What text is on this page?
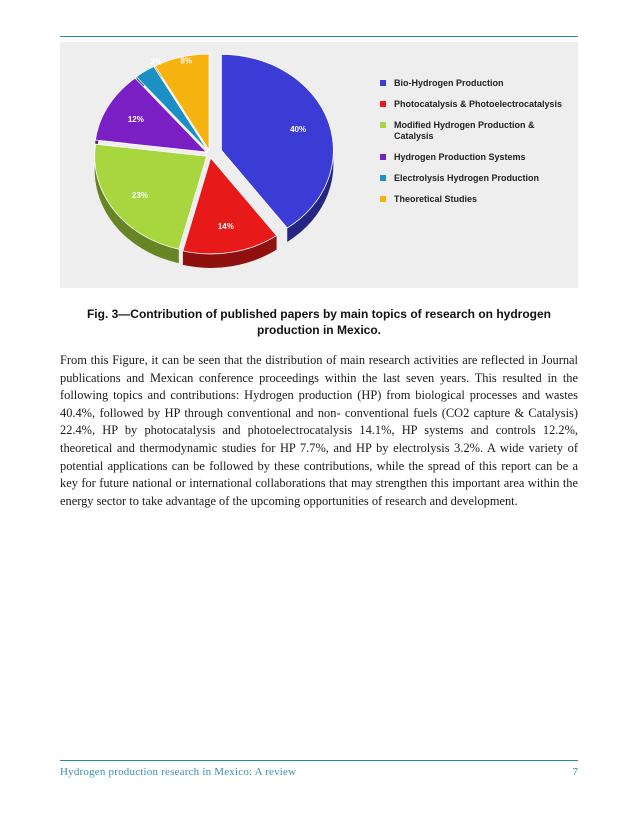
40%
14%
23%
12%
3% 8%
Bio-Hydrogen Production
Photocatalysis & Photoelectrocatalysis
Modified Hydrogen Production & Catalysis
Hydrogen Production Systems
Electrolysis Hydrogen Production
Theoretical Studies
Fig. 3—Contribution of published papers by main topics of research on hydrogen production in Mexico.
From this Figure, it can be seen that the distribution of main research activities are reflected in Journal publications and Mexican conference proceedings within the last seven years. This resulted in the following topics and contributions: Hydrogen production (HP) from biological processes and wastes 40.4%, followed by HP through conventional and non- conventional fuels (CO2 capture & Catalysis) 22.4%, HP by photocatalysis and photoelectrocatalysis 14.1%, HP systems and controls 12.2%, theoretical and thermodynamic studies for HP 7.7%, and HP by electrolysis 3.2%. A wide variety of potential applications can be followed by these contributions, while the spread of this report can be a key for future national or international collaborations that may strengthen this important area within the energy sector to take advantage of the upcoming opportunities of research and development.
Hydrogen production research in Mexico: A review	7
